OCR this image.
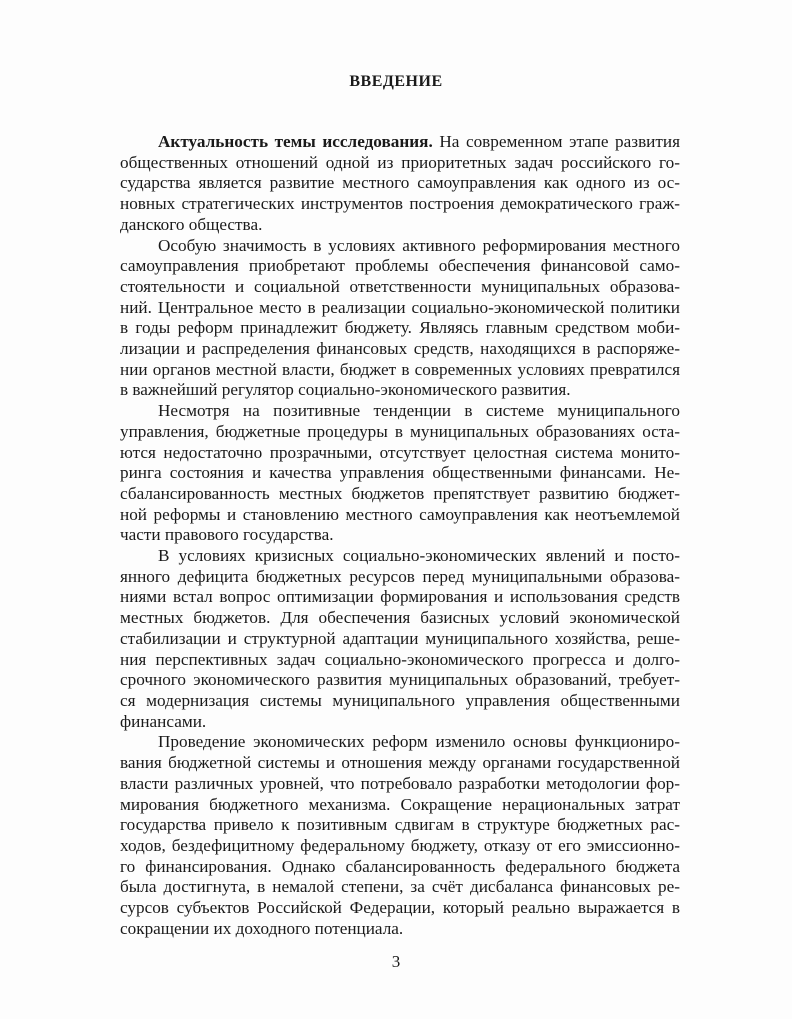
ВВЕДЕНИЕ

Актуальность темы исследования. На современном этапе развития
общественных отношений одной из приоритетных задач российского го-
сударства является развитие местного самоуправления как одного из ос-
новных стратегических инструментов построения демократического граж-
данского общества.

Особую значимость в условиях активного реформирования местного
самоуправления приобретают проблемы обеспечения финансовой само-
стоятельности и социальной ответственности муниципальных образова-
ний. Центральное место в реализации социально-экономической политики
в годы реформ принадлежит бюджету. Являясь главным средством моби-
лизации и распределения финансовых средств, находящихся в распоряже-
нии органов местной власти, бюджет в современных условиях превратился
в важнейший регулятор социально-экономического развития.

Несмотря на позитивные тенденции в системе муниципального
управления, бюджетные процедуры в муниципальных образованиях оста-
ются недостаточно прозрачными, отсутствует целостная система монито-
ринга состояния и качества управления общественными финансами. Не-
сбалансированность местных бюджетов препятствует развитию бюджет-
ной реформы и становлению местного самоуправления как неотъемлемой
части правового государства.

В условиях кризисных социально-экономических явлений и посто-
янного дефицита бюджетных ресурсов перед муниципальными образова-
ниями встал вопрос оптимизации формирования и использования средств
местных бюджетов. Для обеспечения базисных условий экономической
стабилизации и структурной адаптации муниципального хозяйства, реше-
ния перспективных задач социально-экономического прогресса и долго-
срочного экономического развития муниципальных образований, требует-
ся модернизация системы муниципального управления общественными
финансами.

Проведение экономических реформ изменило основы функциониро-
вания бюджетной системы и отношения между органами государственной
власти различных уровней, что потребовало разработки методологии фор-
мирования бюджетного механизма. Сокращение нерациональных затрат
государства привело к позитивным сдвигам в структуре бюджетных рас-
ходов, бездефицитному федеральному бюджету, отказу от его эмиссионно-
го финансирования. Однако сбалансированность федерального бюджета
была достигнута, в немалой степени, за счёт дисбаланса финансовых ре-
сурсов субъектов Российской Федерации, который реально выражается в
сокращении их доходного потенциала.

3
